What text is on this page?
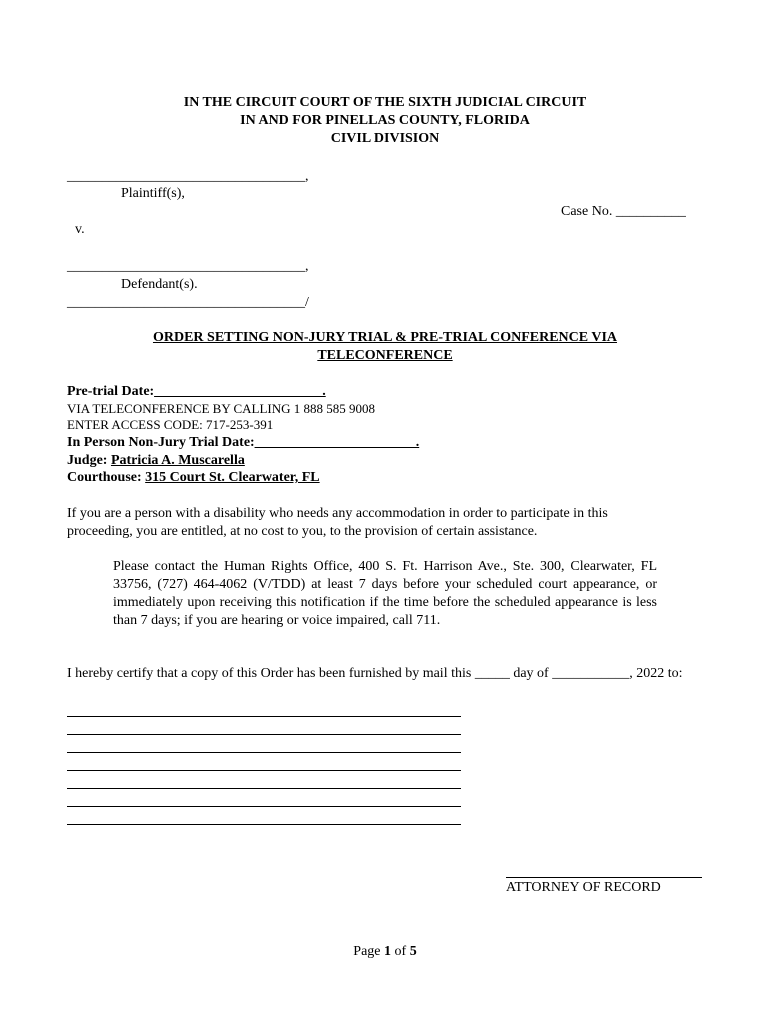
IN THE CIRCUIT COURT OF THE SIXTH JUDICIAL CIRCUIT
IN AND FOR PINELLAS COUNTY, FLORIDA
CIVIL DIVISION
__________________________________,
Plaintiff(s),
Case No. __________
v.
__________________________________,
Defendant(s).
__________________________________/
ORDER SETTING NON-JURY TRIAL & PRE-TRIAL CONFERENCE VIA
TELECONFERENCE
Pre-trial Date:________________________.
VIA TELECONFERENCE BY CALLING 1 888 585 9008
ENTER ACCESS CODE: 717-253-391
In Person Non-Jury Trial Date:_______________________.
Judge: Patricia A. Muscarella
Courthouse: 315 Court St. Clearwater, FL
If you are a person with a disability who needs any accommodation in order to participate in this proceeding, you are entitled, at no cost to you, to the provision of certain assistance.
Please contact the Human Rights Office, 400 S. Ft. Harrison Ave., Ste. 300, Clearwater, FL 33756, (727) 464-4062 (V/TDD) at least 7 days before your scheduled court appearance, or immediately upon receiving this notification if the time before the scheduled appearance is less than 7 days; if you are hearing or voice impaired, call 711.
I hereby certify that a copy of this Order has been furnished by mail this _____ day of ___________, 2022 to:
ATTORNEY OF RECORD
Page 1 of 5
